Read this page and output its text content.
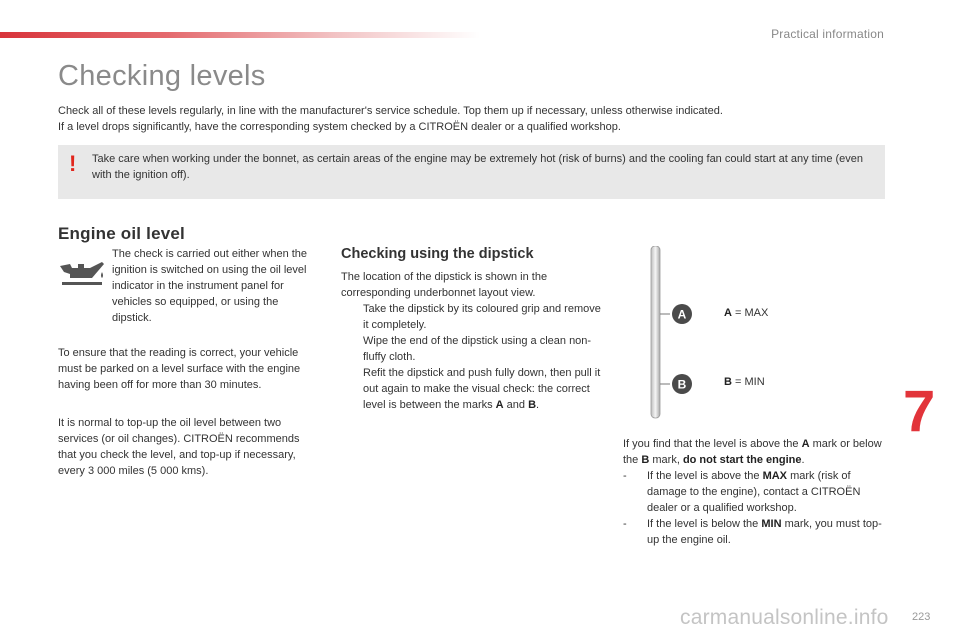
Practical information
Checking levels

Check all of these levels regularly, in line with the manufacturer's service schedule. Top them up if necessary, unless otherwise indicated.

If a level drops significantly, have the corresponding system checked by a CITROËN dealer or a qualified workshop.

! Take care when working under the bonnet, as certain areas of the engine may be extremely hot (risk of burns) and the cooling fan could start at any time (even with the ignition off).
Engine oil level
The check is carried out either when the ignition is switched on using the oil level indicator in the instrument panel for vehicles so equipped, or using the dipstick.
To ensure that the reading is correct, your vehicle must be parked on a level surface with the engine having been off for more than 30 minutes.
It is normal to top-up the oil level between two services (or oil changes). CITROËN recommends that you check the level, and top-up if necessary, every 3 000 miles (5 000 kms).
Checking using the dipstick

The location of the dipstick is shown in the corresponding underbonnet layout view.

Take the dipstick by its coloured grip and remove it completely.
Wipe the end of the dipstick using a clean non-fluffy cloth.
Refit the dipstick and push fully down, then pull it out again to make the visual check: the correct level is between the marks A and B.
A
B
A = MAX
B = MIN

If you find that the level is above the A mark or below the B mark, do not start the engine.

- If the level is above the MAX mark (risk of damage to the engine), contact a CITROËN dealer or a qualified workshop.
- If the level is below the MIN mark, you must top-up the engine oil.
7
223
carmanualsonline.info
